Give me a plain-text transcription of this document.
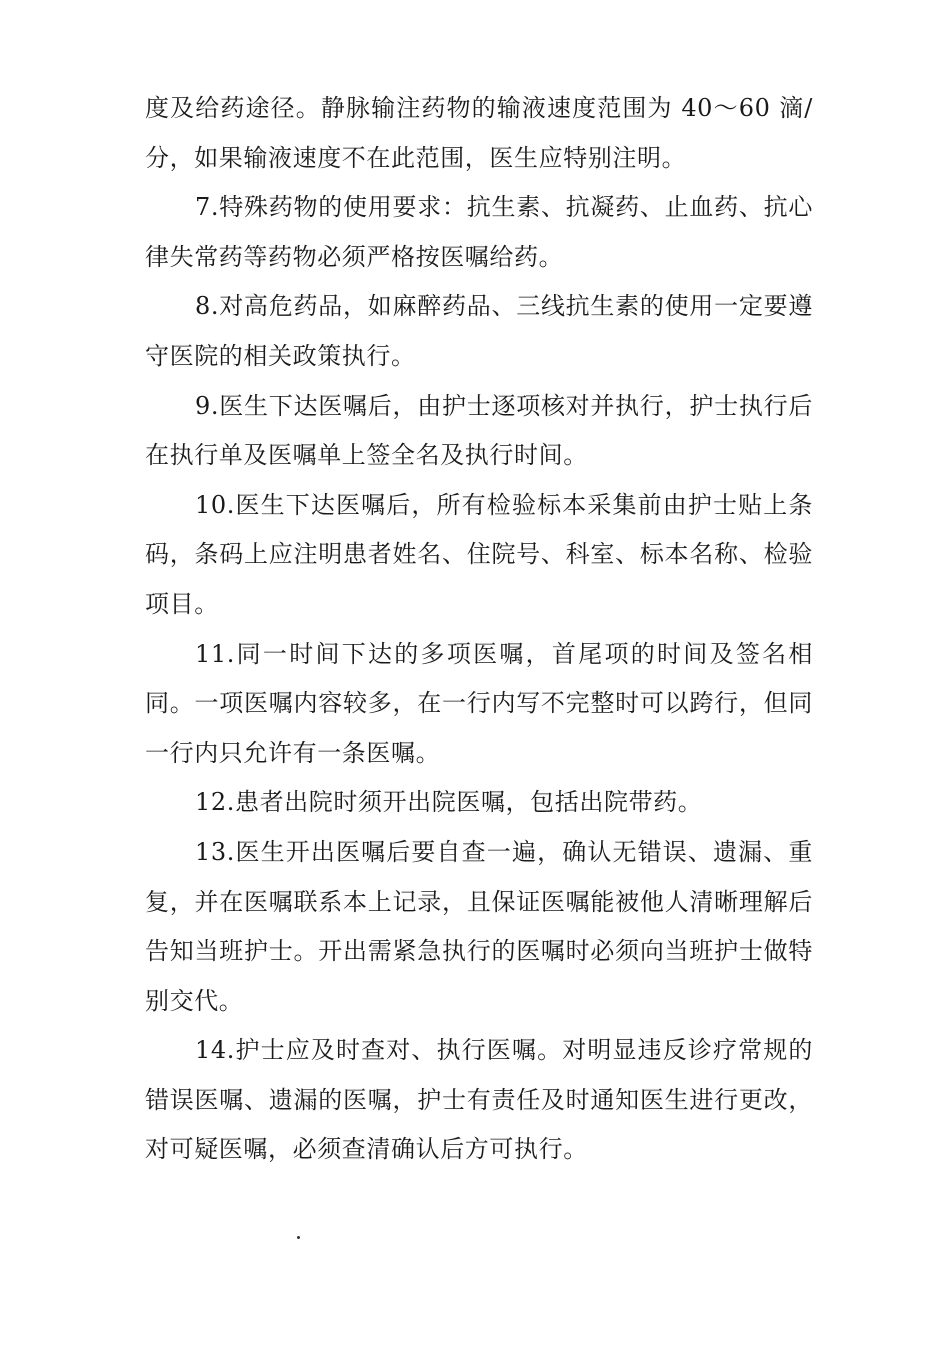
度及给药途径。静脉输注药物的输液速度范围为 40～60 滴/分，如果输液速度不在此范围，医生应特别注明。

7.特殊药物的使用要求：抗生素、抗凝药、止血药、抗心律失常药等药物必须严格按医嘱给药。

8.对高危药品，如麻醉药品、三线抗生素的使用一定要遵守医院的相关政策执行。

9.医生下达医嘱后，由护士逐项核对并执行，护士执行后在执行单及医嘱单上签全名及执行时间。

10.医生下达医嘱后，所有检验标本采集前由护士贴上条码，条码上应注明患者姓名、住院号、科室、标本名称、检验项目。

11.同一时间下达的多项医嘱，首尾项的时间及签名相同。一项医嘱内容较多，在一行内写不完整时可以跨行，但同一行内只允许有一条医嘱。

12.患者出院时须开出院医嘱，包括出院带药。

13.医生开出医嘱后要自查一遍，确认无错误、遗漏、重复，并在医嘱联系本上记录，且保证医嘱能被他人清晰理解后告知当班护士。开出需紧急执行的医嘱时必须向当班护士做特别交代。

14.护士应及时查对、执行医嘱。对明显违反诊疗常规的错误医嘱、遗漏的医嘱，护士有责任及时通知医生进行更改，对可疑医嘱，必须查清确认后方可执行。
